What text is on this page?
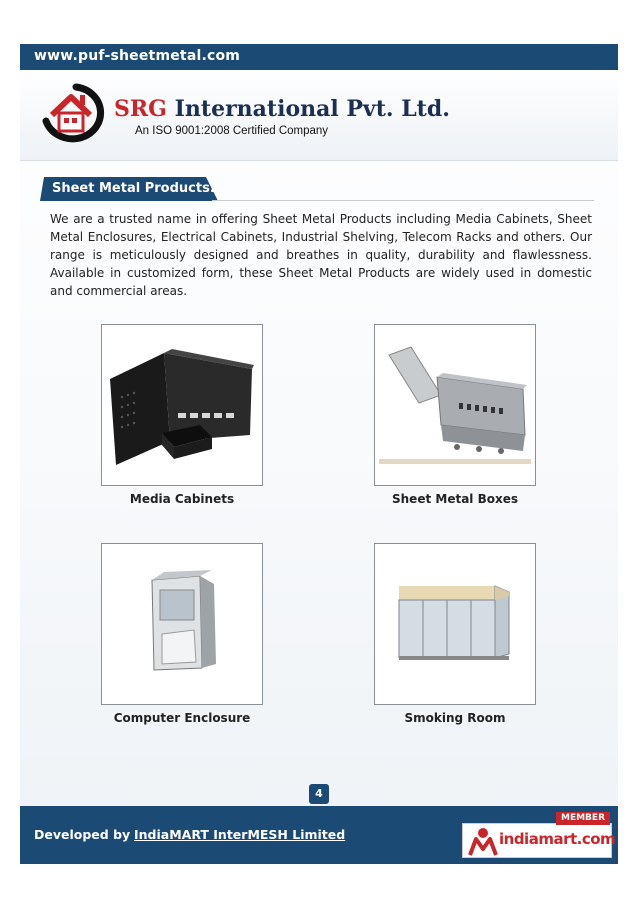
www.puf-sheetmetal.com
SRG International Pvt. Ltd.
An ISO 9001:2008 Certified Company
Sheet Metal Products:

We are a trusted name in offering Sheet Metal Products including Media Cabinets, Sheet Metal Enclosures, Electrical Cabinets, Industrial Shelving, Telecom Racks and others. Our range is meticulously designed and breathes in quality, durability and flawlessness. Available in customized form, these Sheet Metal Products are widely used in domestic and commercial areas.

Media Cabinets	Sheet Metal Boxes
Computer Enclosure	Smoking Room
4
Developed by IndiaMART InterMESH Limited	indiamart.com
MEMBER
